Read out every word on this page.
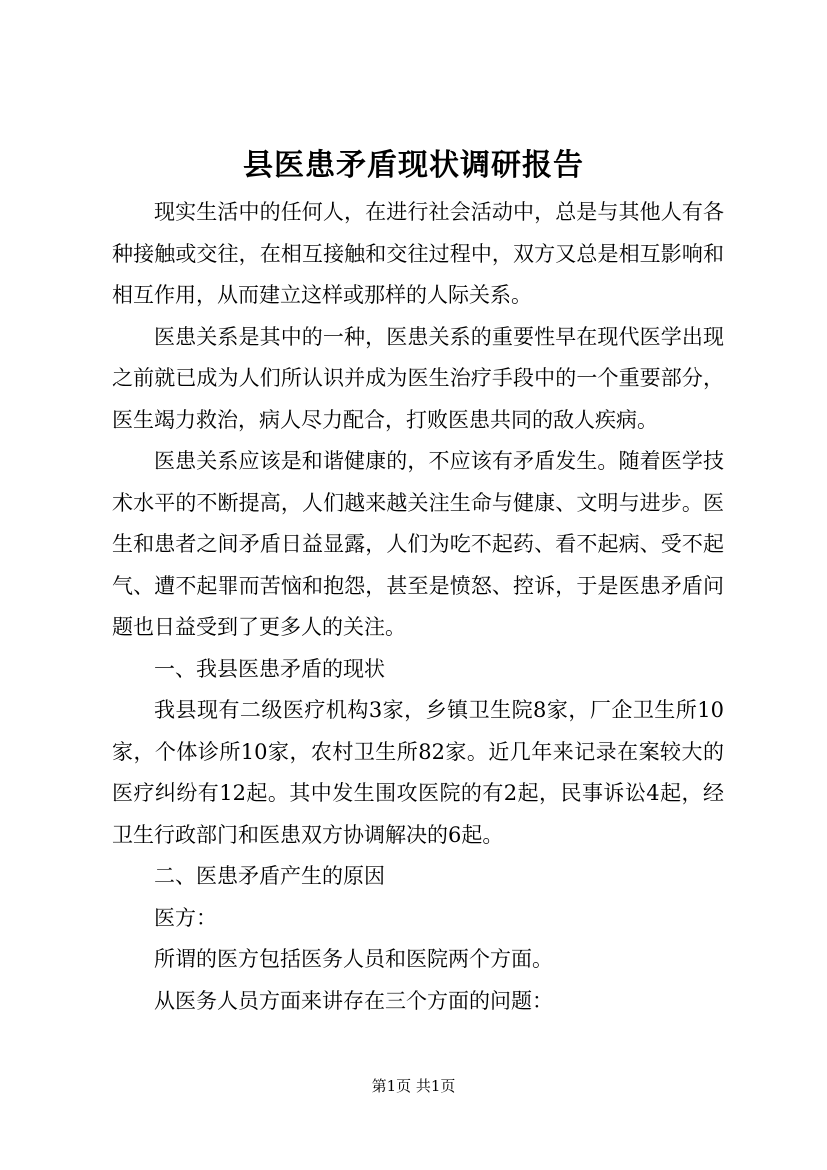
县医患矛盾现状调研报告

现实生活中的任何人，在进行社会活动中，总是与其他人有各种接触或交往，在相互接触和交往过程中，双方又总是相互影响和相互作用，从而建立这样或那样的人际关系。

医患关系是其中的一种，医患关系的重要性早在现代医学出现之前就已成为人们所认识并成为医生治疗手段中的一个重要部分，医生竭力救治，病人尽力配合，打败医患共同的敌人疾病。

医患关系应该是和谐健康的，不应该有矛盾发生。随着医学技术水平的不断提高，人们越来越关注生命与健康、文明与进步。医生和患者之间矛盾日益显露，人们为吃不起药、看不起病、受不起气、遭不起罪而苦恼和抱怨，甚至是愤怒、控诉，于是医患矛盾问题也日益受到了更多人的关注。

一、我县医患矛盾的现状

我县现有二级医疗机构3家，乡镇卫生院8家，厂企卫生所10家，个体诊所10家，农村卫生所82家。近几年来记录在案较大的医疗纠纷有12起。其中发生围攻医院的有2起，民事诉讼4起，经卫生行政部门和医患双方协调解决的6起。

二、医患矛盾产生的原因

医方：

所谓的医方包括医务人员和医院两个方面。

从医务人员方面来讲存在三个方面的问题：

第1页 共1页
